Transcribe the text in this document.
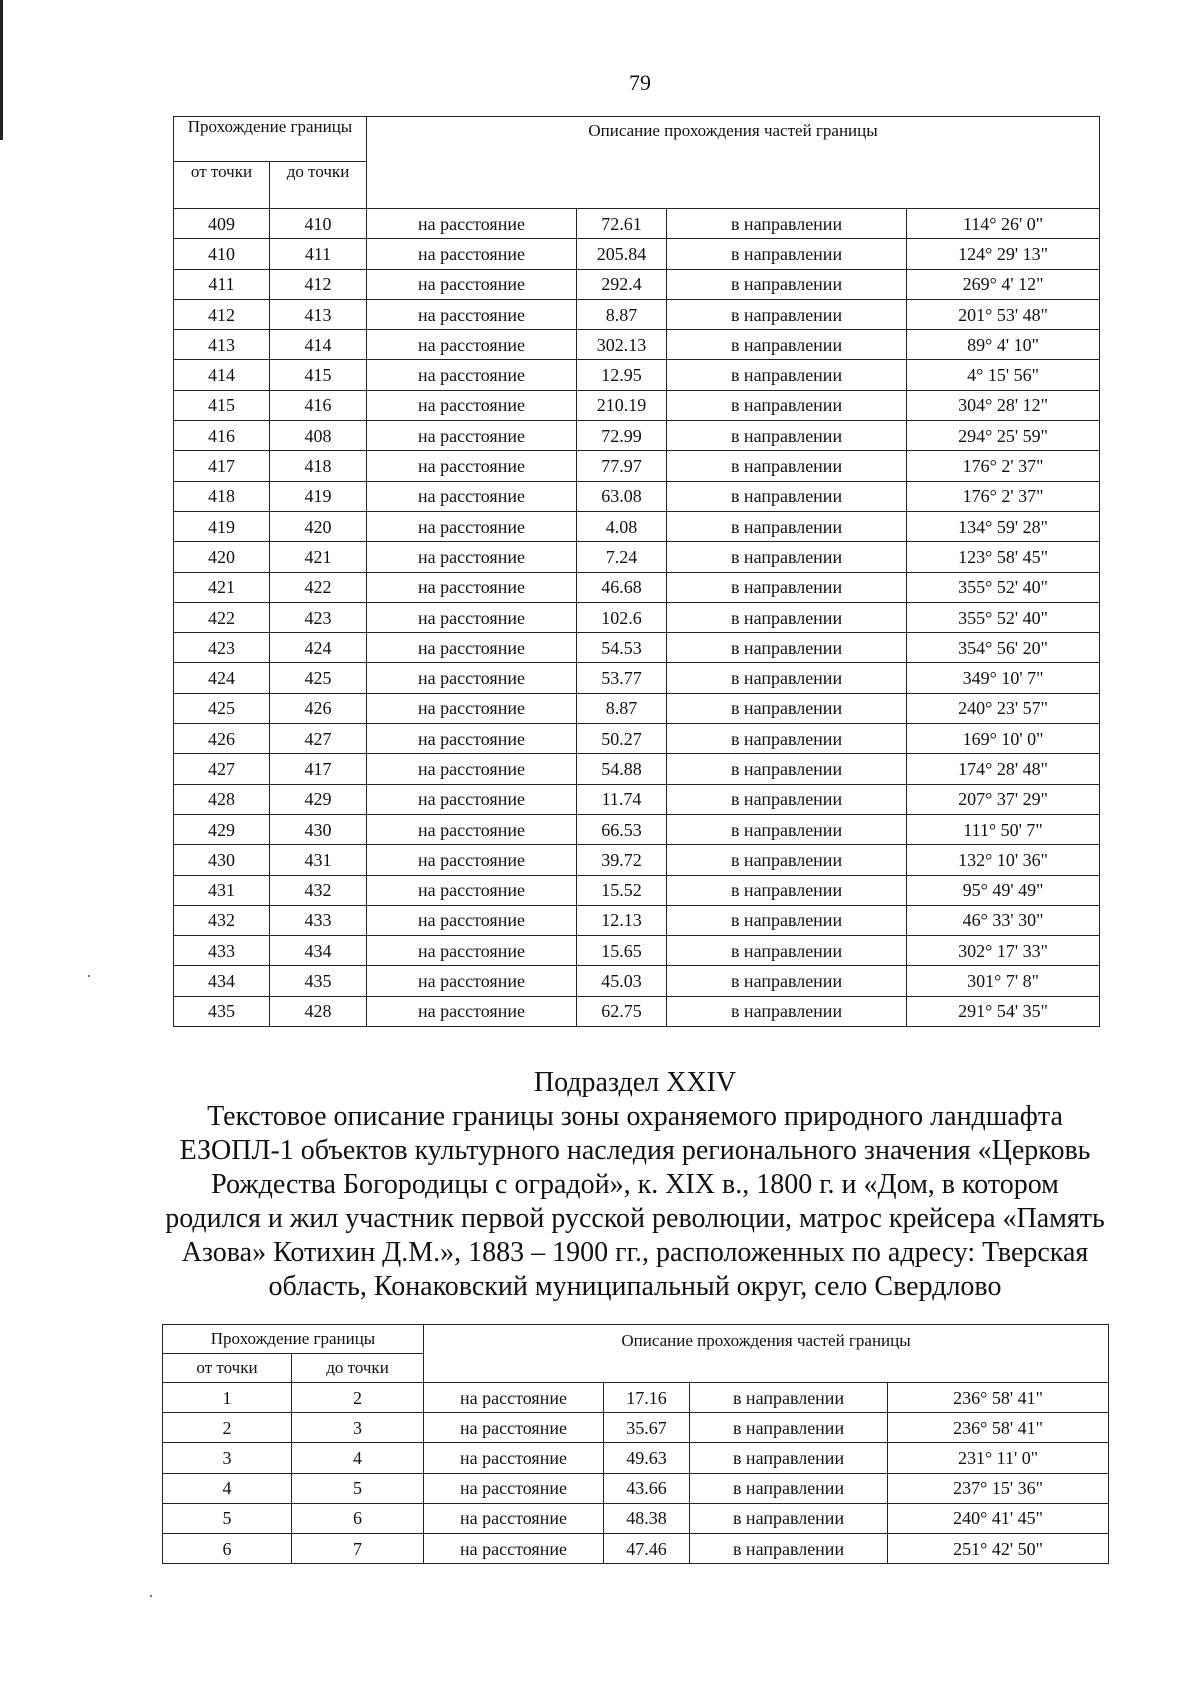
79
Прохождение границы		Описание прохождения частей границы			
от точки	до точки				
409	410	на расстояние	72.61	в направлении	114° 26' 0"
410	411	на расстояние	205.84	в направлении	124° 29' 13"
411	412	на расстояние	292.4	в направлении	269° 4' 12"
412	413	на расстояние	8.87	в направлении	201° 53' 48"
413	414	на расстояние	302.13	в направлении	89° 4' 10"
414	415	на расстояние	12.95	в направлении	4° 15' 56"
415	416	на расстояние	210.19	в направлении	304° 28' 12"
416	408	на расстояние	72.99	в направлении	294° 25' 59"
417	418	на расстояние	77.97	в направлении	176° 2' 37"
418	419	на расстояние	63.08	в направлении	176° 2' 37"
419	420	на расстояние	4.08	в направлении	134° 59' 28"
420	421	на расстояние	7.24	в направлении	123° 58' 45"
421	422	на расстояние	46.68	в направлении	355° 52' 40"
422	423	на расстояние	102.6	в направлении	355° 52' 40"
423	424	на расстояние	54.53	в направлении	354° 56' 20"
424	425	на расстояние	53.77	в направлении	349° 10' 7"
425	426	на расстояние	8.87	в направлении	240° 23' 57"
426	427	на расстояние	50.27	в направлении	169° 10' 0"
427	417	на расстояние	54.88	в направлении	174° 28' 48"
428	429	на расстояние	11.74	в направлении	207° 37' 29"
429	430	на расстояние	66.53	в направлении	111° 50' 7"
430	431	на расстояние	39.72	в направлении	132° 10' 36"
431	432	на расстояние	15.52	в направлении	95° 49' 49"
432	433	на расстояние	12.13	в направлении	46° 33' 30"
433	434	на расстояние	15.65	в направлении	302° 17' 33"
434	435	на расстояние	45.03	в направлении	301° 7' 8"
435	428	на расстояние	62.75	в направлении	291° 54' 35"
Подраздел XXIV
Текстовое описание границы зоны охраняемого природного ландшафта ЕЗОПЛ-1 объектов культурного наследия регионального значения «Церковь Рождества Богородицы с оградой», к. XIX в., 1800 г. и «Дом, в котором родился и жил участник первой русской революции, матрос крейсера «Память Азова» Котихин Д.М.», 1883 – 1900 гг., расположенных по адресу: Тверская область, Конаковский муниципальный округ, село Свердлово
Прохождение границы		Описание прохождения частей границы			
от точки	до точки				
1	2	на расстояние	17.16	в направлении	236° 58' 41"
2	3	на расстояние	35.67	в направлении	236° 58' 41"
3	4	на расстояние	49.63	в направлении	231° 11' 0"
4	5	на расстояние	43.66	в направлении	237° 15' 36"
5	6	на расстояние	48.38	в направлении	240° 41' 45"
6	7	на расстояние	47.46	в направлении	251° 42' 50"
